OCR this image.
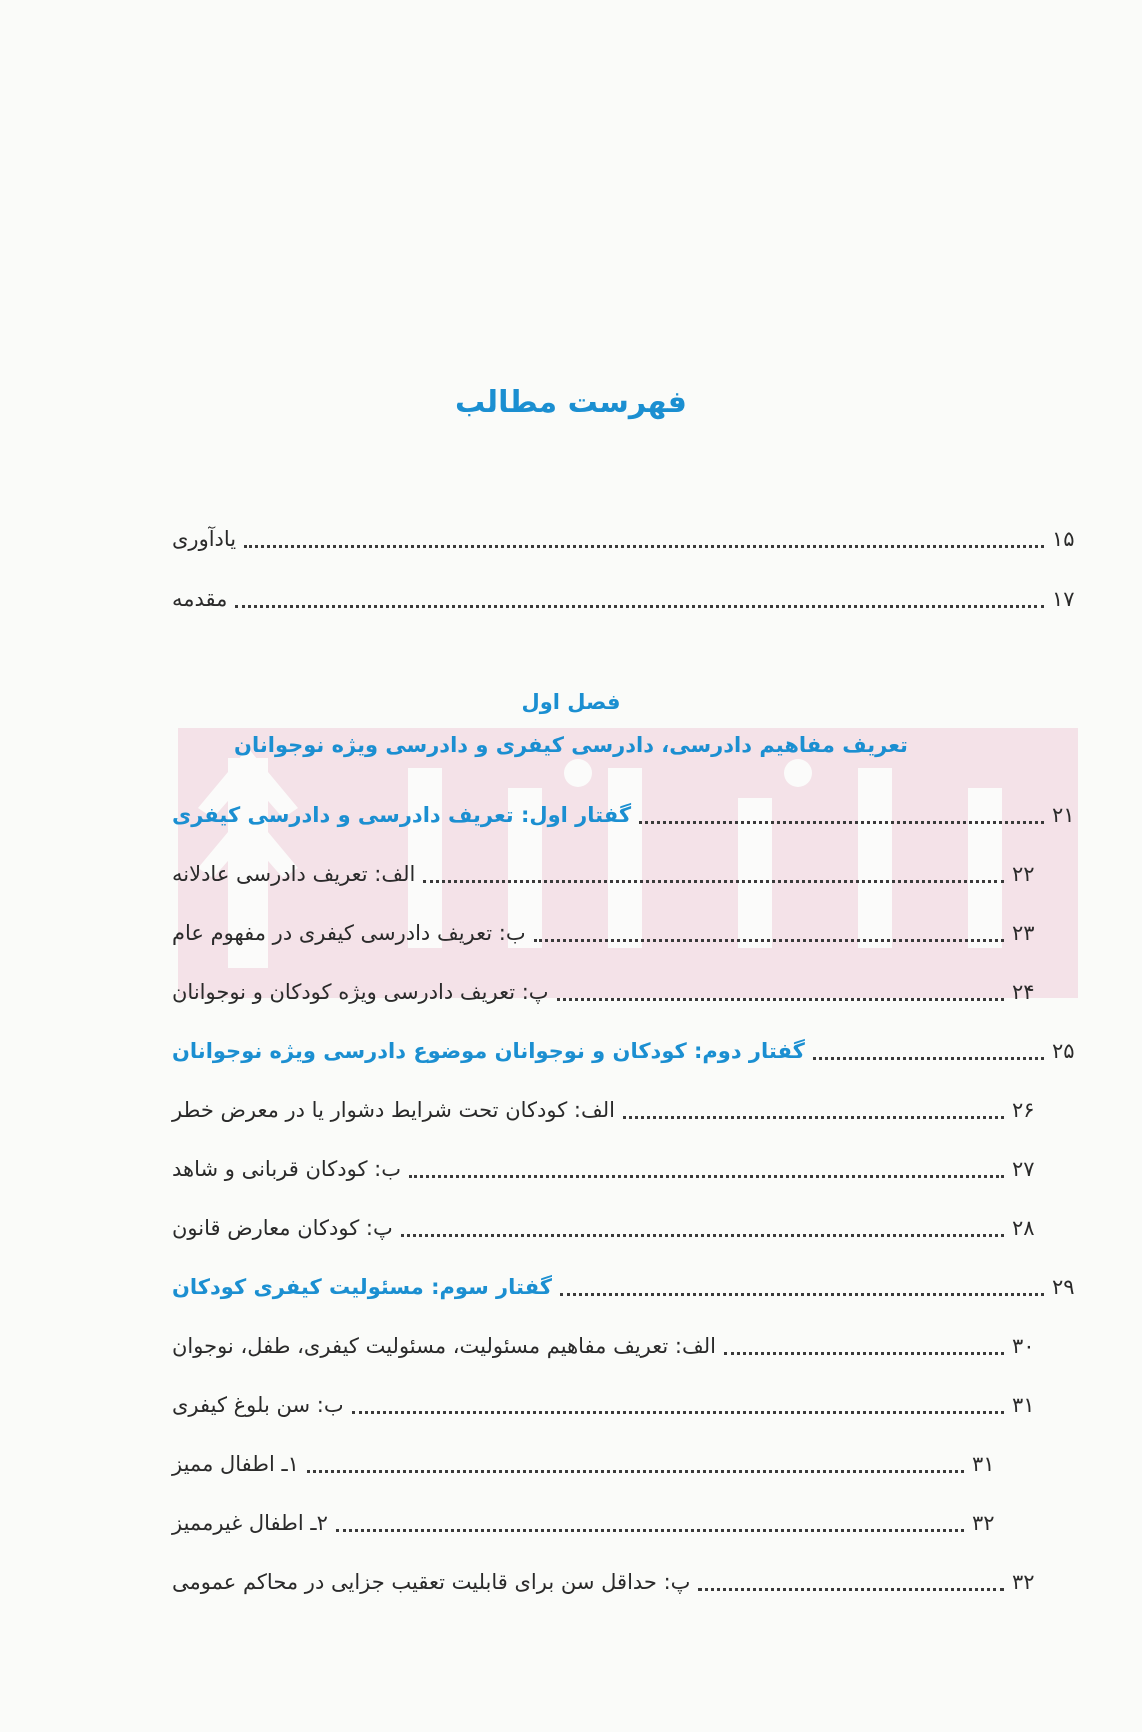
فهرست مطالب
یادآوری	۱۵
مقدمه	۱۷
فصل اول
تعریف مفاهیم دادرسی، دادرسی کیفری و دادرسی ویژه نوجوانان
گفتار اول: تعریف دادرسی و دادرسی کیفری	۲۱
الف: تعریف دادرسی عادلانه	۲۲
ب: تعریف دادرسی کیفری در مفهوم عام	۲۳
پ: تعریف دادرسی ویژه کودکان و نوجوانان	۲۴
گفتار دوم: کودکان و نوجوانان موضوع دادرسی ویژه نوجوانان	۲۵
الف: کودکان تحت شرایط دشوار یا در معرض خطر	۲۶
ب: کودکان قربانی و شاهد	۲۷
پ: کودکان معارض قانون	۲۸
گفتار سوم: مسئولیت کیفری کودکان	۲۹
الف: تعریف مفاهیم مسئولیت، مسئولیت کیفری، طفل، نوجوان	۳۰
ب: سن بلوغ کیفری	۳۱
۱ـ اطفال ممیز	۳۱
۲ـ اطفال غیرممیز	۳۲
پ: حداقل سن برای قابلیت تعقیب جزایی در محاکم عمومی	۳۲
